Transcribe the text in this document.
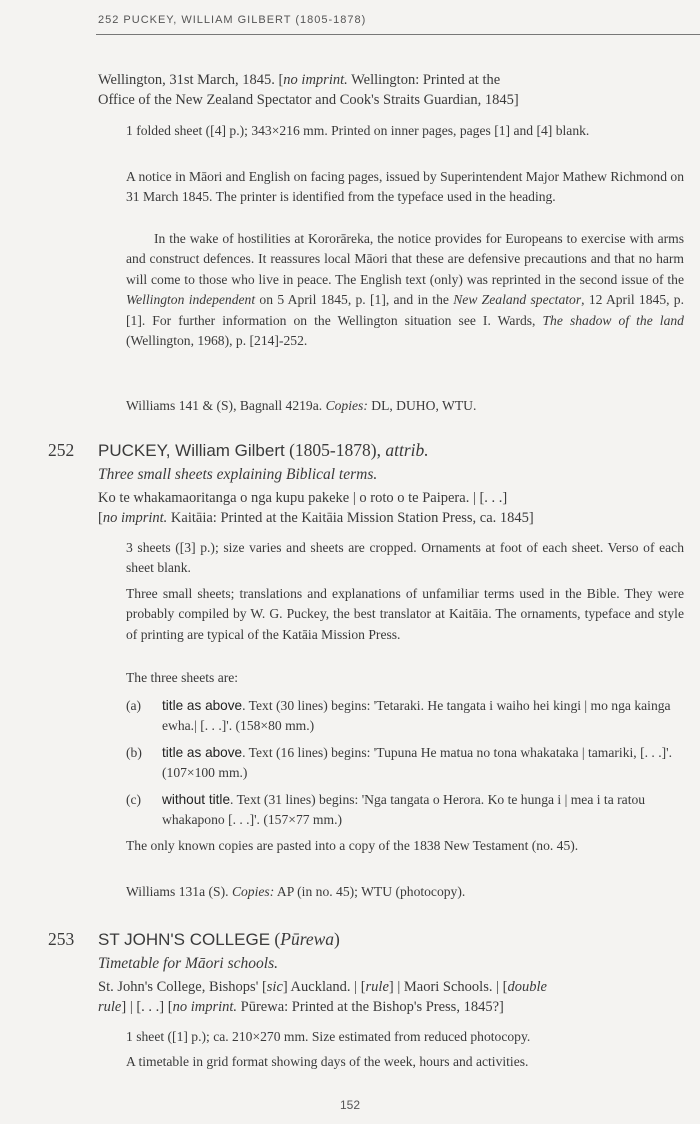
252 PUCKEY, WILLIAM GILBERT (1805-1878)
Wellington, 31st March, 1845. [no imprint. Wellington: Printed at the
Office of the New Zealand Spectator and Cook's Straits Guardian, 1845]
1 folded sheet ([4] p.); 343×216 mm. Printed on inner pages, pages [1] and [4] blank.
A notice in Māori and English on facing pages, issued by Superintendent Major Mathew Richmond on 31 March 1845. The printer is identified from the typeface used in the heading.
In the wake of hostilities at Kororāreka, the notice provides for Europeans to exercise with arms and construct defences. It reassures local Māori that these are defensive precautions and that no harm will come to those who live in peace. The English text (only) was reprinted in the second issue of the Wellington independent on 5 April 1845, p. [1], and in the New Zealand spectator, 12 April 1845, p. [1]. For further information on the Wellington situation see I. Wards, The shadow of the land (Wellington, 1968), p. [214]-252.
Williams 141 & (S), Bagnall 4219a. Copies: DL, DUHO, WTU.
252 PUCKEY, William Gilbert (1805-1878), attrib.
Three small sheets explaining Biblical terms.
Ko te whakamaoritanga o nga kupu pakeke | o roto o te Paipera. | [. . .]
[no imprint. Kaitāia: Printed at the Kaitāia Mission Station Press, ca. 1845]
3 sheets ([3] p.); size varies and sheets are cropped. Ornaments at foot of each sheet. Verso of each sheet blank.
Three small sheets; translations and explanations of unfamiliar terms used in the Bible. They were probably compiled by W. G. Puckey, the best translator at Kaitāia. The ornaments, typeface and style of printing are typical of the Katāia Mission Press.
The three sheets are:
(a) title as above. Text (30 lines) begins: 'Tetaraki. He tangata i waiho hei kingi | mo nga kainga ewha.| [. . .]'. (158×80 mm.)
(b) title as above. Text (16 lines) begins: 'Tupuna He matua no tona whakataka | tamariki, [. . .]'. (107×100 mm.)
(c) without title. Text (31 lines) begins: 'Nga tangata o Herora. Ko te hunga i | mea i ta ratou whakapono [. . .]'. (157×77 mm.)
The only known copies are pasted into a copy of the 1838 New Testament (no. 45).
Williams 131a (S). Copies: AP (in no. 45); WTU (photocopy).
253 ST JOHN'S COLLEGE (Pūrewa)
Timetable for Māori schools.
St. John's College, Bishops' [sic] Auckland. | [rule] | Maori Schools. | [double
rule] | [. . .] [no imprint. Pūrewa: Printed at the Bishop's Press, 1845?]
1 sheet ([1] p.); ca. 210×270 mm. Size estimated from reduced photocopy.
A timetable in grid format showing days of the week, hours and activities.
152
